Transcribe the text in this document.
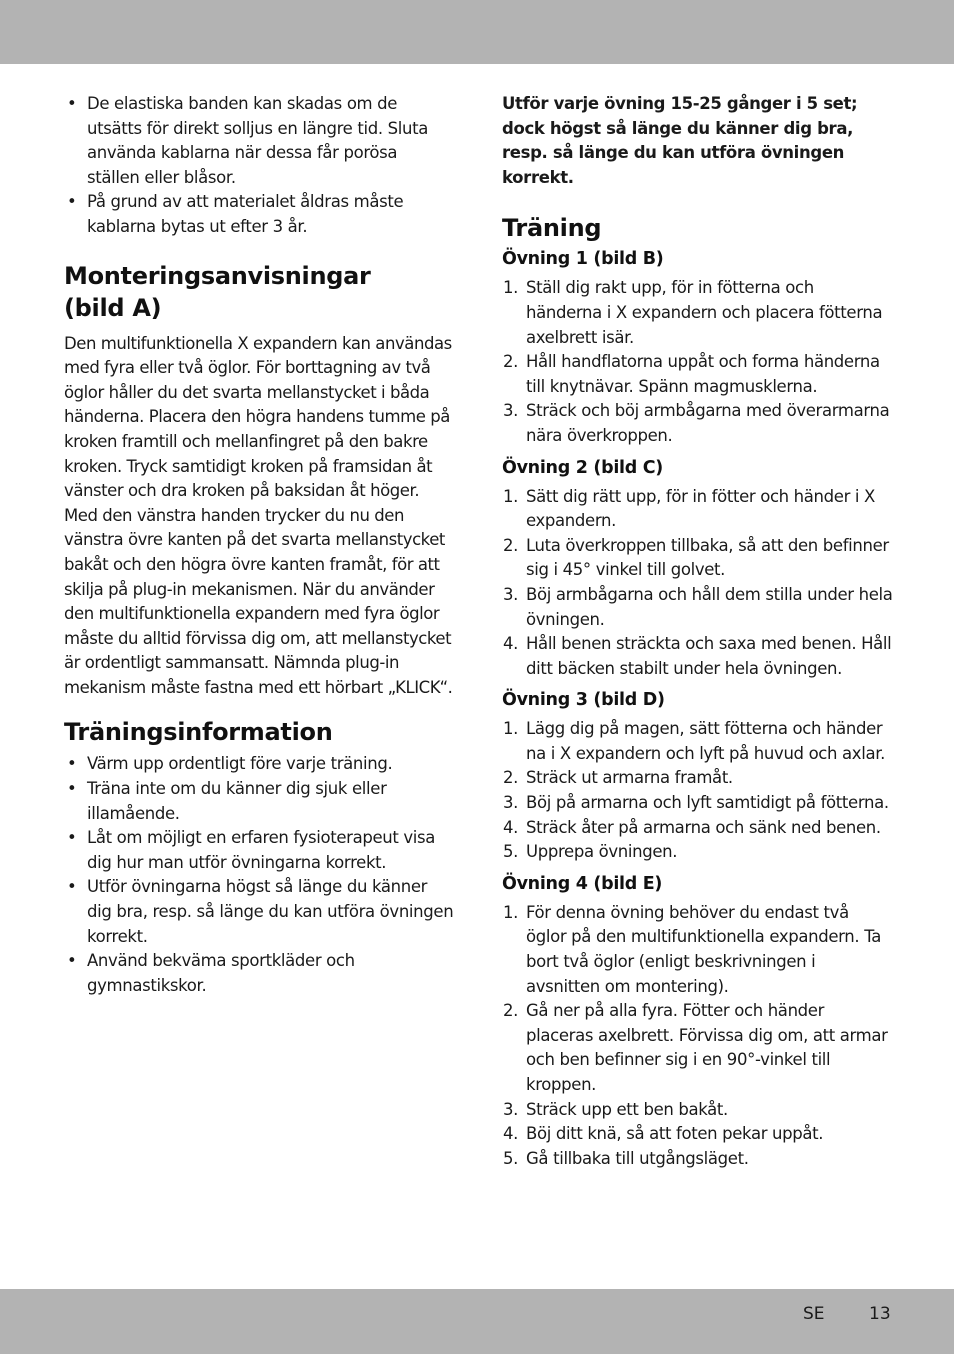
• De elastiska banden kan skadas om de utsätts för direkt solljus en längre tid. Sluta använda kablarna när dessa får porösa ställen eller blåsor.
• På grund av att materialet åldras måste kablarna bytas ut efter 3 år.
Monteringsanvisningar
(bild A)

Den multifunktionella X expandern kan användas med fyra eller två öglor. För borttagning av två öglor håller du det svarta mellanstycket i båda händerna. Placera den högra handens tumme på kroken framtill och mellanfingret på den bakre kroken. Tryck samtidigt kroken på framsidan åt vänster och dra kroken på baksidan åt höger. Med den vänstra handen trycker du nu den vänstra övre kanten på det svarta mellanstycket bakåt och den högra övre kanten framåt, för att skilja på plug-in mekanismen. När du använder den multifunktionella expandern med fyra öglor måste du alltid förvissa dig om, att mellanstycket är ordentligt sammansatt. Nämnda plug-in mekanism måste fastna med ett hörbart „KLICK“.

Träningsinformation
• Värm upp ordentligt före varje träning.
• Träna inte om du känner dig sjuk eller illamående.
• Låt om möjligt en erfaren fysioterapeut visa dig hur man utför övningarna korrekt.
• Utför övningarna högst så länge du känner dig bra, resp. så länge du kan utföra övningen korrekt.
• Använd bekväma sportkläder och gymnastikskor.

Utför varje övning 15-25 gånger i 5 set; dock högst så länge du känner dig bra, resp. så länge du kan utföra övningen korrekt.

Träning
Övning 1 (bild B)
1. Ställ dig rakt upp, för in fötterna och händerna i X expandern och placera fötterna axelbrett isär.
2. Håll handflatorna uppåt och forma händerna till knytnävar. Spänn magmusklerna.
3. Sträck och böj armbågarna med överarmarna nära överkroppen.
Övning 2 (bild C)
1. Sätt dig rätt upp, för in fötter och händer i X expandern.
2. Luta överkroppen tillbaka, så att den befinner sig i 45° vinkel till golvet.
3. Böj armbågarna och håll dem stilla under hela övningen.
4. Håll benen sträckta och saxa med benen. Håll ditt bäcken stabilt under hela övningen.
Övning 3 (bild D)
1. Lägg dig på magen, sätt fötterna och händer na i X expandern och lyft på huvud och axlar.
2. Sträck ut armarna framåt.
3. Böj på armarna och lyft samtidigt på fötterna.
4. Sträck åter på armarna och sänk ned benen.
5. Upprepa övningen.
Övning 4 (bild E)
1. För denna övning behöver du endast två öglor på den multifunktionella expandern. Ta bort två öglor (enligt beskrivningen i avsnitten om montering).
2. Gå ner på alla fyra. Fötter och händer placeras axelbrett. Förvissa dig om, att armar och ben befinner sig i en 90°-vinkel till kroppen.
3. Sträck upp ett ben bakåt.
4. Böj ditt knä, så att foten pekar uppåt.
5. Gå tillbaka till utgångsläget.
SE	13
